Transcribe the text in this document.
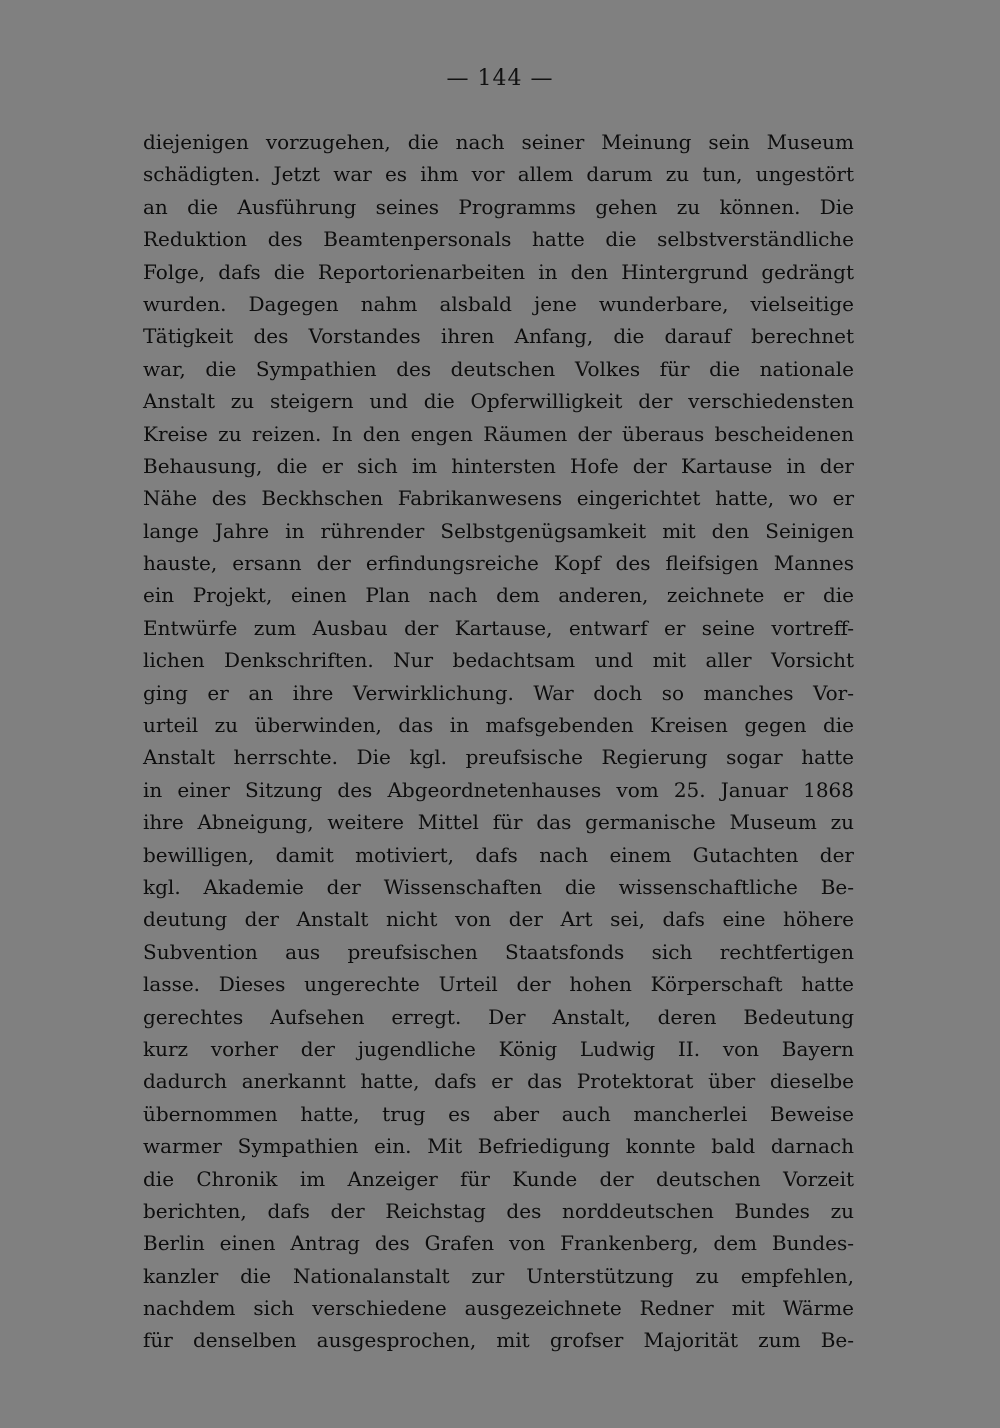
— 144 —
diejenigen vorzugehen, die nach seiner Meinung sein Museum
schädigten. Jetzt war es ihm vor allem darum zu tun, ungestört
an die Ausführung seines Programms gehen zu können. Die
Reduktion des Beamtenpersonals hatte die selbstverständliche
Folge, dafs die Reportorienarbeiten in den Hintergrund gedrängt
wurden. Dagegen nahm alsbald jene wunderbare, vielseitige
Tätigkeit des Vorstandes ihren Anfang, die darauf berechnet
war, die Sympathien des deutschen Volkes für die nationale
Anstalt zu steigern und die Opferwilligkeit der verschiedensten
Kreise zu reizen. In den engen Räumen der überaus bescheidenen
Behausung, die er sich im hintersten Hofe der Kartause in der
Nähe des Beckhschen Fabrikanwesens eingerichtet hatte, wo er
lange Jahre in rührender Selbstgenügsamkeit mit den Seinigen
hauste, ersann der erfindungsreiche Kopf des fleifsigen Mannes
ein Projekt, einen Plan nach dem anderen, zeichnete er die
Entwürfe zum Ausbau der Kartause, entwarf er seine vortreff-
lichen Denkschriften. Nur bedachtsam und mit aller Vorsicht
ging er an ihre Verwirklichung. War doch so manches Vor-
urteil zu überwinden, das in mafsgebenden Kreisen gegen die
Anstalt herrschte. Die kgl. preufsische Regierung sogar hatte
in einer Sitzung des Abgeordnetenhauses vom 25. Januar 1868
ihre Abneigung, weitere Mittel für das germanische Museum zu
bewilligen, damit motiviert, dafs nach einem Gutachten der
kgl. Akademie der Wissenschaften die wissenschaftliche Be-
deutung der Anstalt nicht von der Art sei, dafs eine höhere
Subvention aus preufsischen Staatsfonds sich rechtfertigen
lasse. Dieses ungerechte Urteil der hohen Körperschaft hatte
gerechtes Aufsehen erregt. Der Anstalt, deren Bedeutung
kurz vorher der jugendliche König Ludwig II. von Bayern
dadurch anerkannt hatte, dafs er das Protektorat über dieselbe
übernommen hatte, trug es aber auch mancherlei Beweise
warmer Sympathien ein. Mit Befriedigung konnte bald darnach
die Chronik im Anzeiger für Kunde der deutschen Vorzeit
berichten, dafs der Reichstag des norddeutschen Bundes zu
Berlin einen Antrag des Grafen von Frankenberg, dem Bundes-
kanzler die Nationalanstalt zur Unterstützung zu empfehlen,
nachdem sich verschiedene ausgezeichnete Redner mit Wärme
für denselben ausgesprochen, mit grofser Majorität zum Be-
